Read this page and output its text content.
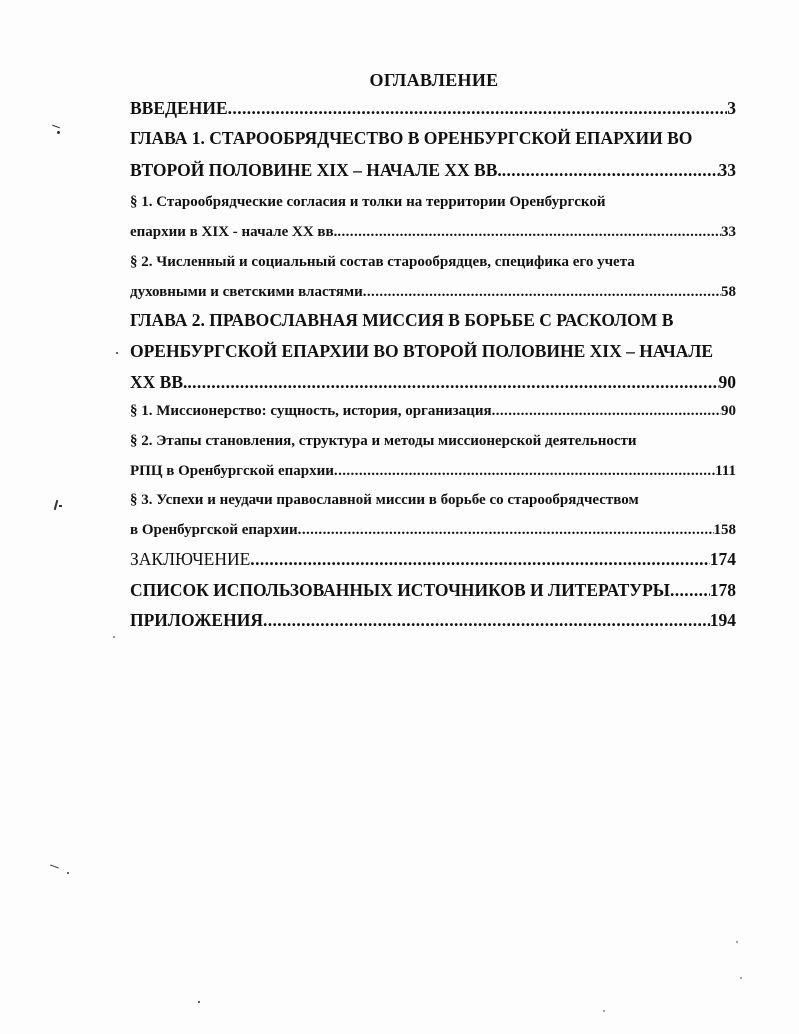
ОГЛАВЛЕНИЕ
ВВЕДЕНИЕ .....	3
ГЛАВА 1. СТАРООБРЯДЧЕСТВО В ОРЕНБУРГСКОЙ ЕПАРХИИ ВО
ВТОРОЙ ПОЛОВИНЕ XIX – НАЧАЛЕ XX ВВ. .....	33
§ 1. Старообрядческие согласия и толки на территории Оренбургской
епархии в XIX - начале XX вв. .....	33
§ 2. Численный и социальный состав старообрядцев, специфика его учета
духовными и светскими властями .....	58
ГЛАВА 2. ПРАВОСЛАВНАЯ МИССИЯ В БОРЬБЕ С РАСКОЛОМ В
ОРЕНБУРГСКОЙ ЕПАРХИИ ВО ВТОРОЙ ПОЛОВИНЕ XIX – НАЧАЛЕ
XX ВВ. .....	90
§ 1. Миссионерство: сущность, история, организация .....	90
§ 2. Этапы становления, структура и методы миссионерской деятельности
РПЦ в Оренбургской епархии .....	111
§ 3. Успехи и неудачи православной миссии в борьбе со старообрядчеством
в Оренбургской епархии .....	158
ЗАКЛЮЧЕНИЕ .....	174
СПИСОК ИСПОЛЬЗОВАННЫХ ИСТОЧНИКОВ И ЛИТЕРАТУРЫ ..... 178
ПРИЛОЖЕНИЯ .....	194
